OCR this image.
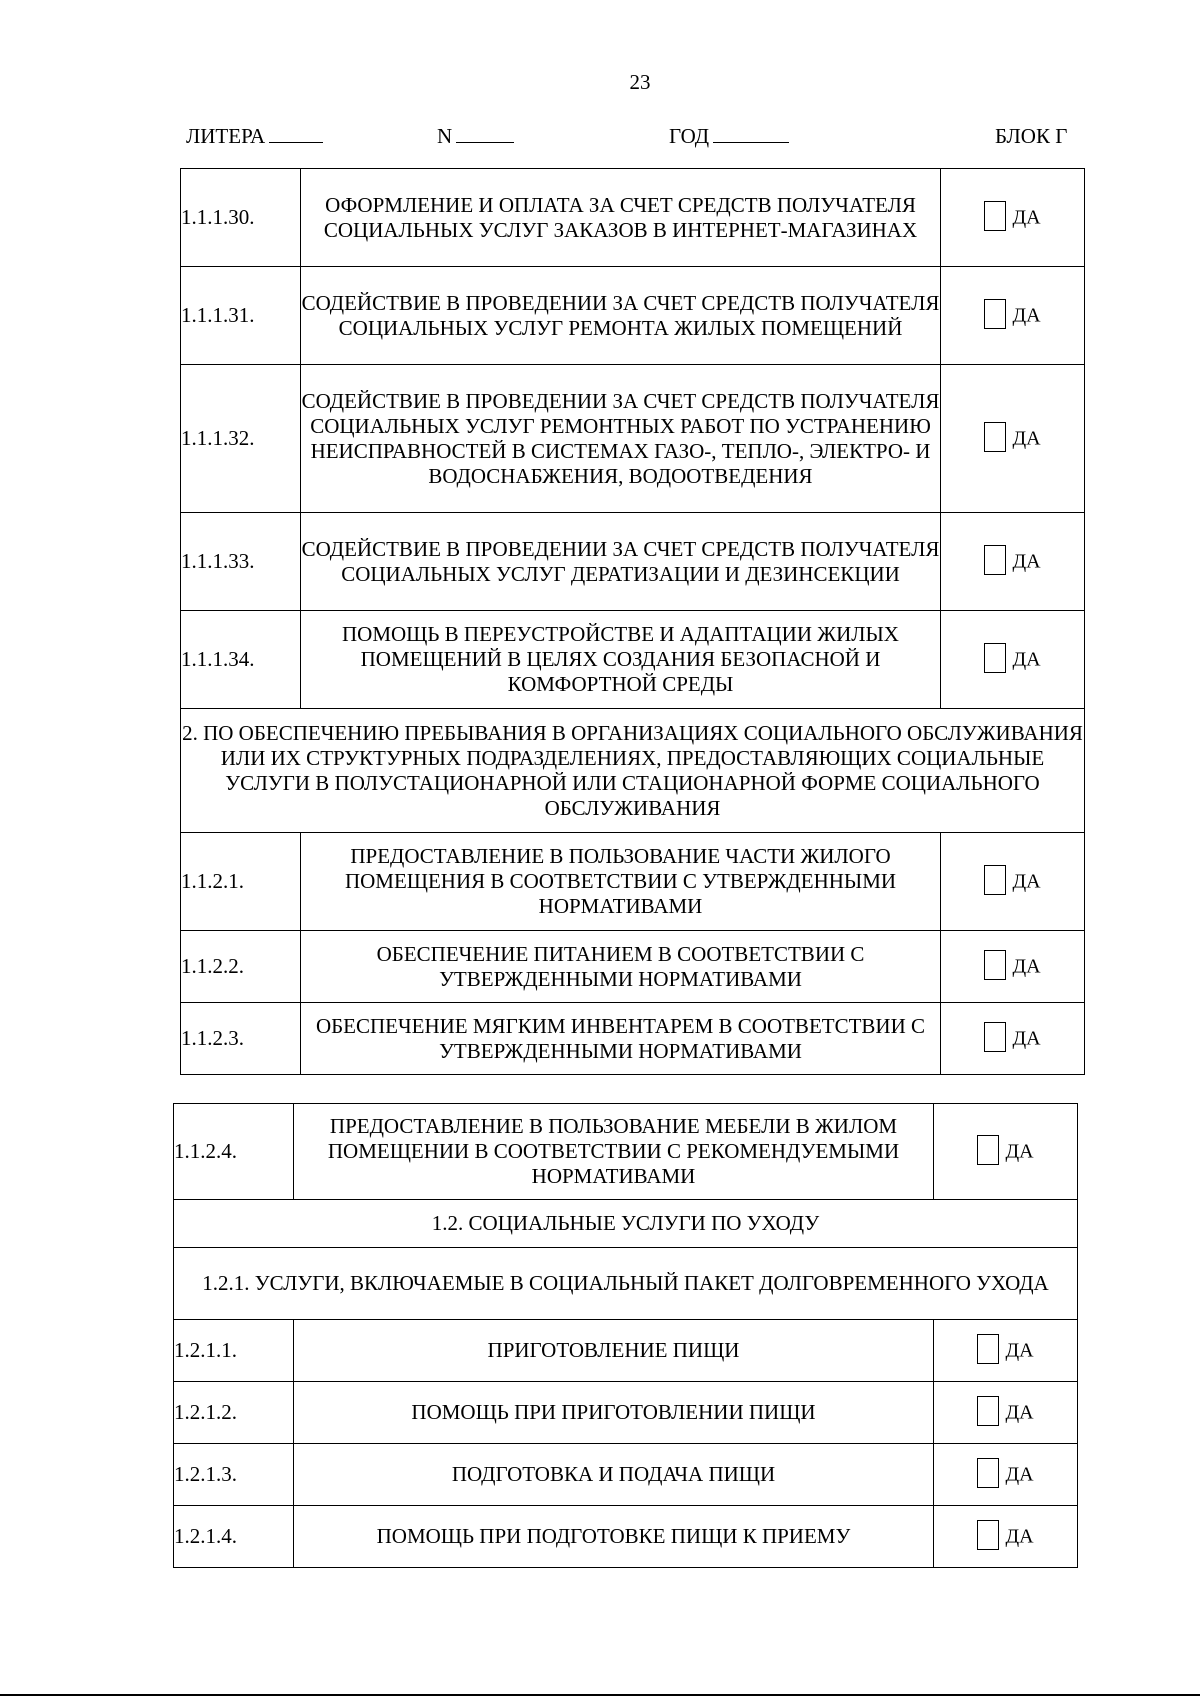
23
ЛИТЕРА	N	ГОД	БЛОК Г
1.1.1.30.	ОФОРМЛЕНИЕ И ОПЛАТА ЗА СЧЕТ СРЕДСТВ ПОЛУЧАТЕЛЯ СОЦИАЛЬНЫХ УСЛУГ ЗАКАЗОВ В ИНТЕРНЕТ-МАГАЗИНАХ	ДА
1.1.1.31.	СОДЕЙСТВИЕ В ПРОВЕДЕНИИ ЗА СЧЕТ СРЕДСТВ ПОЛУЧАТЕЛЯ СОЦИАЛЬНЫХ УСЛУГ РЕМОНТА ЖИЛЫХ ПОМЕЩЕНИЙ	ДА
1.1.1.32.	СОДЕЙСТВИЕ В ПРОВЕДЕНИИ ЗА СЧЕТ СРЕДСТВ ПОЛУЧАТЕЛЯ СОЦИАЛЬНЫХ УСЛУГ РЕМОНТНЫХ РАБОТ ПО УСТРАНЕНИЮ НЕИСПРАВНОСТЕЙ В СИСТЕМАХ ГАЗО-, ТЕПЛО-, ЭЛЕКТРО- И ВОДОСНАБЖЕНИЯ, ВОДООТВЕДЕНИЯ	ДА
1.1.1.33.	СОДЕЙСТВИЕ В ПРОВЕДЕНИИ ЗА СЧЕТ СРЕДСТВ ПОЛУЧАТЕЛЯ СОЦИАЛЬНЫХ УСЛУГ ДЕРАТИЗАЦИИ И ДЕЗИНСЕКЦИИ	ДА
1.1.1.34.	ПОМОЩЬ В ПЕРЕУСТРОЙСТВЕ И АДАПТАЦИИ ЖИЛЫХ ПОМЕЩЕНИЙ В ЦЕЛЯХ СОЗДАНИЯ БЕЗОПАСНОЙ И КОМФОРТНОЙ СРЕДЫ	ДА
2. ПО ОБЕСПЕЧЕНИЮ ПРЕБЫВАНИЯ В ОРГАНИЗАЦИЯХ СОЦИАЛЬНОГО ОБСЛУЖИВАНИЯ ИЛИ ИХ СТРУКТУРНЫХ ПОДРАЗДЕЛЕНИЯХ, ПРЕДОСТАВЛЯЮЩИХ СОЦИАЛЬНЫЕ УСЛУГИ В ПОЛУСТАЦИОНАРНОЙ ИЛИ СТАЦИОНАРНОЙ ФОРМЕ СОЦИАЛЬНОГО ОБСЛУЖИВАНИЯ		
1.1.2.1.	ПРЕДОСТАВЛЕНИЕ В ПОЛЬЗОВАНИЕ ЧАСТИ ЖИЛОГО ПОМЕЩЕНИЯ В СООТВЕТСТВИИ С УТВЕРЖДЕННЫМИ НОРМАТИВАМИ	ДА
1.1.2.2.	ОБЕСПЕЧЕНИЕ ПИТАНИЕМ В СООТВЕТСТВИИ С УТВЕРЖДЕННЫМИ НОРМАТИВАМИ	ДА
1.1.2.3.	ОБЕСПЕЧЕНИЕ МЯГКИМ ИНВЕНТАРЕМ В СООТВЕТСТВИИ С УТВЕРЖДЕННЫМИ НОРМАТИВАМИ	ДА
1.1.2.4.	ПРЕДОСТАВЛЕНИЕ В ПОЛЬЗОВАНИЕ МЕБЕЛИ В ЖИЛОМ ПОМЕЩЕНИИ В СООТВЕТСТВИИ С РЕКОМЕНДУЕМЫМИ НОРМАТИВАМИ	ДА
1.2. СОЦИАЛЬНЫЕ УСЛУГИ ПО УХОДУ		
1.2.1. УСЛУГИ, ВКЛЮЧАЕМЫЕ В СОЦИАЛЬНЫЙ ПАКЕТ ДОЛГОВРЕМЕННОГО УХОДА		
1.2.1.1.	ПРИГОТОВЛЕНИЕ ПИЩИ	ДА
1.2.1.2.	ПОМОЩЬ ПРИ ПРИГОТОВЛЕНИИ ПИЩИ	ДА
1.2.1.3.	ПОДГОТОВКА И ПОДАЧА ПИЩИ	ДА
1.2.1.4.	ПОМОЩЬ ПРИ ПОДГОТОВКЕ ПИЩИ К ПРИЕМУ	ДА
